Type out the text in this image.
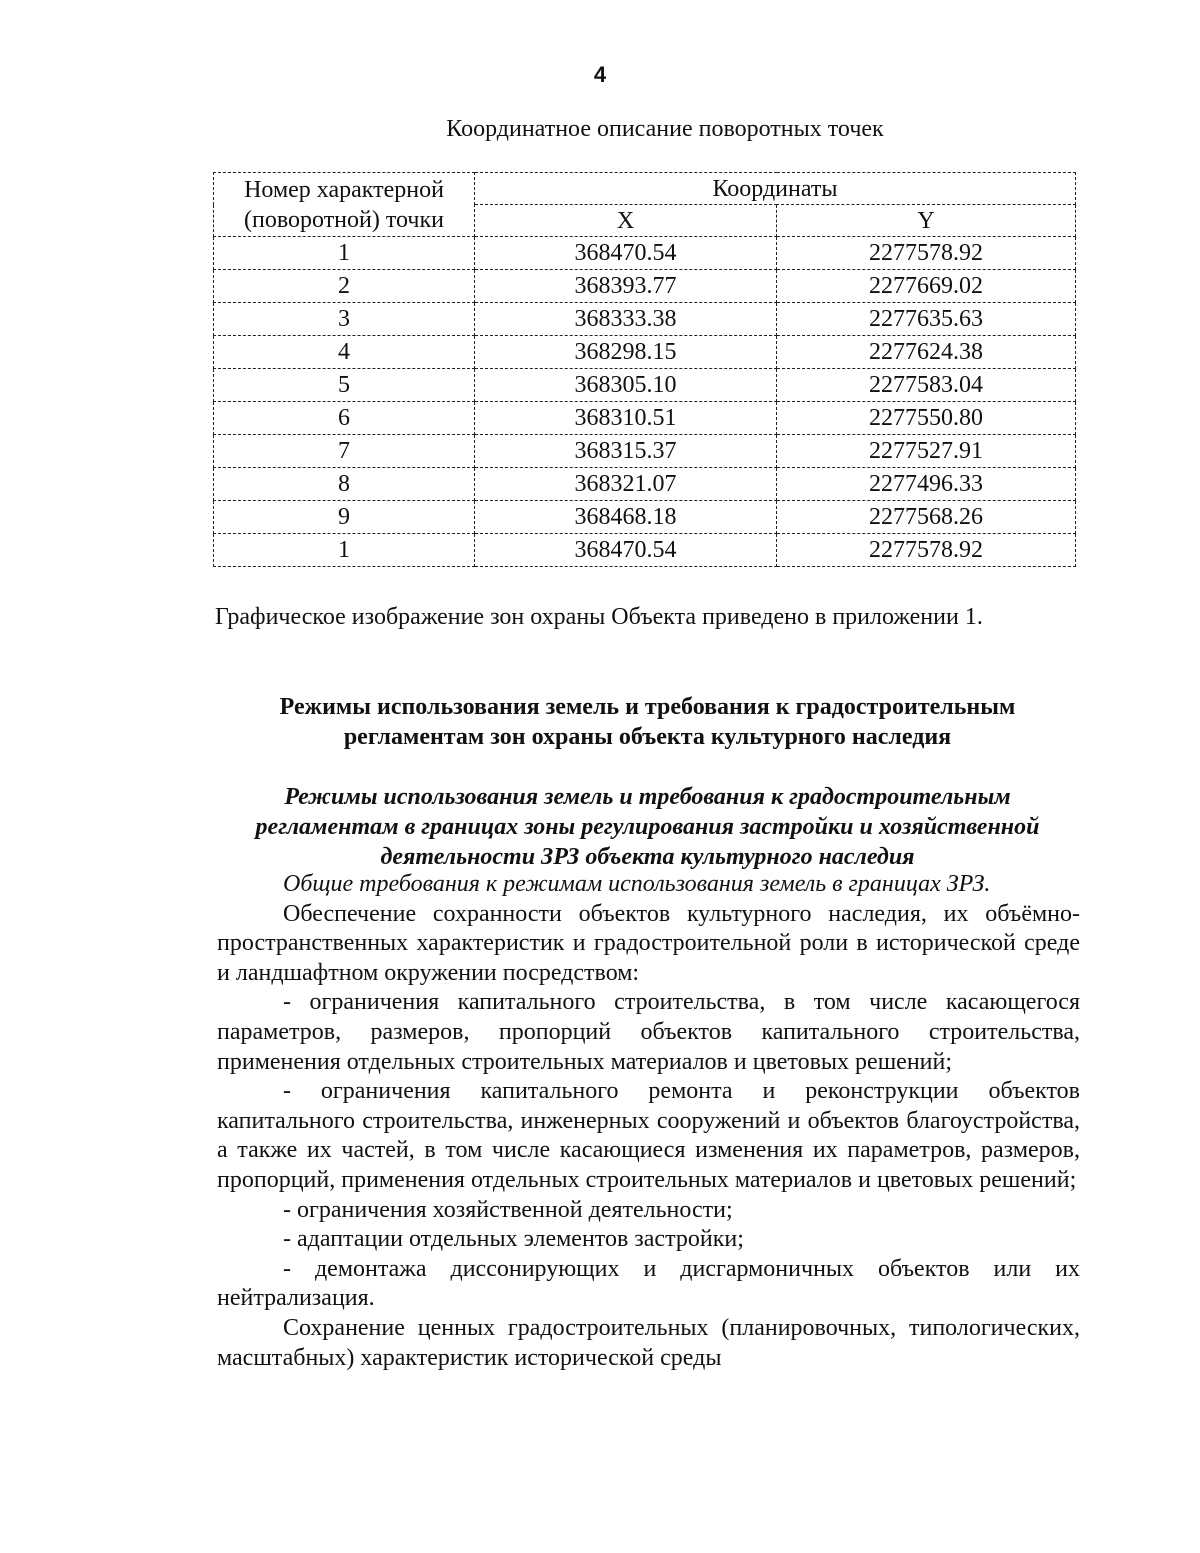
4
Координатное описание поворотных точек
Номер характерной (поворотной) точки	Координаты	
	X	Y
1	368470.54	2277578.92
2	368393.77	2277669.02
3	368333.38	2277635.63
4	368298.15	2277624.38
5	368305.10	2277583.04
6	368310.51	2277550.80
7	368315.37	2277527.91
8	368321.07	2277496.33
9	368468.18	2277568.26
1	368470.54	2277578.92
Графическое изображение зон охраны Объекта приведено в приложении 1.
Режимы использования земель и требования к градостроительным регламентам зон охраны объекта культурного наследия
Режимы использования земель и требования к градостроительным регламентам в границах зоны регулирования застройки и хозяйственной деятельности ЗРЗ объекта культурного наследия

Общие требования к режимам использования земель в границах ЗРЗ.

Обеспечение сохранности объектов культурного наследия, их объёмно-пространственных характеристик и градостроительной роли в исторической среде и ландшафтном окружении посредством:

- ограничения капитального строительства, в том числе касающегося параметров, размеров, пропорций объектов капитального строительства, применения отдельных строительных материалов и цветовых решений;

- ограничения капитального ремонта и реконструкции объектов капитального строительства, инженерных сооружений и объектов благоустройства, а также их частей, в том числе касающиеся изменения их параметров, размеров, пропорций, применения отдельных строительных материалов и цветовых решений;

- ограничения хозяйственной деятельности;

- адаптации отдельных элементов застройки;

- демонтажа диссонирующих и дисгармоничных объектов или их нейтрализация.

Сохранение ценных градостроительных (планировочных, типологических, масштабных) характеристик исторической среды
